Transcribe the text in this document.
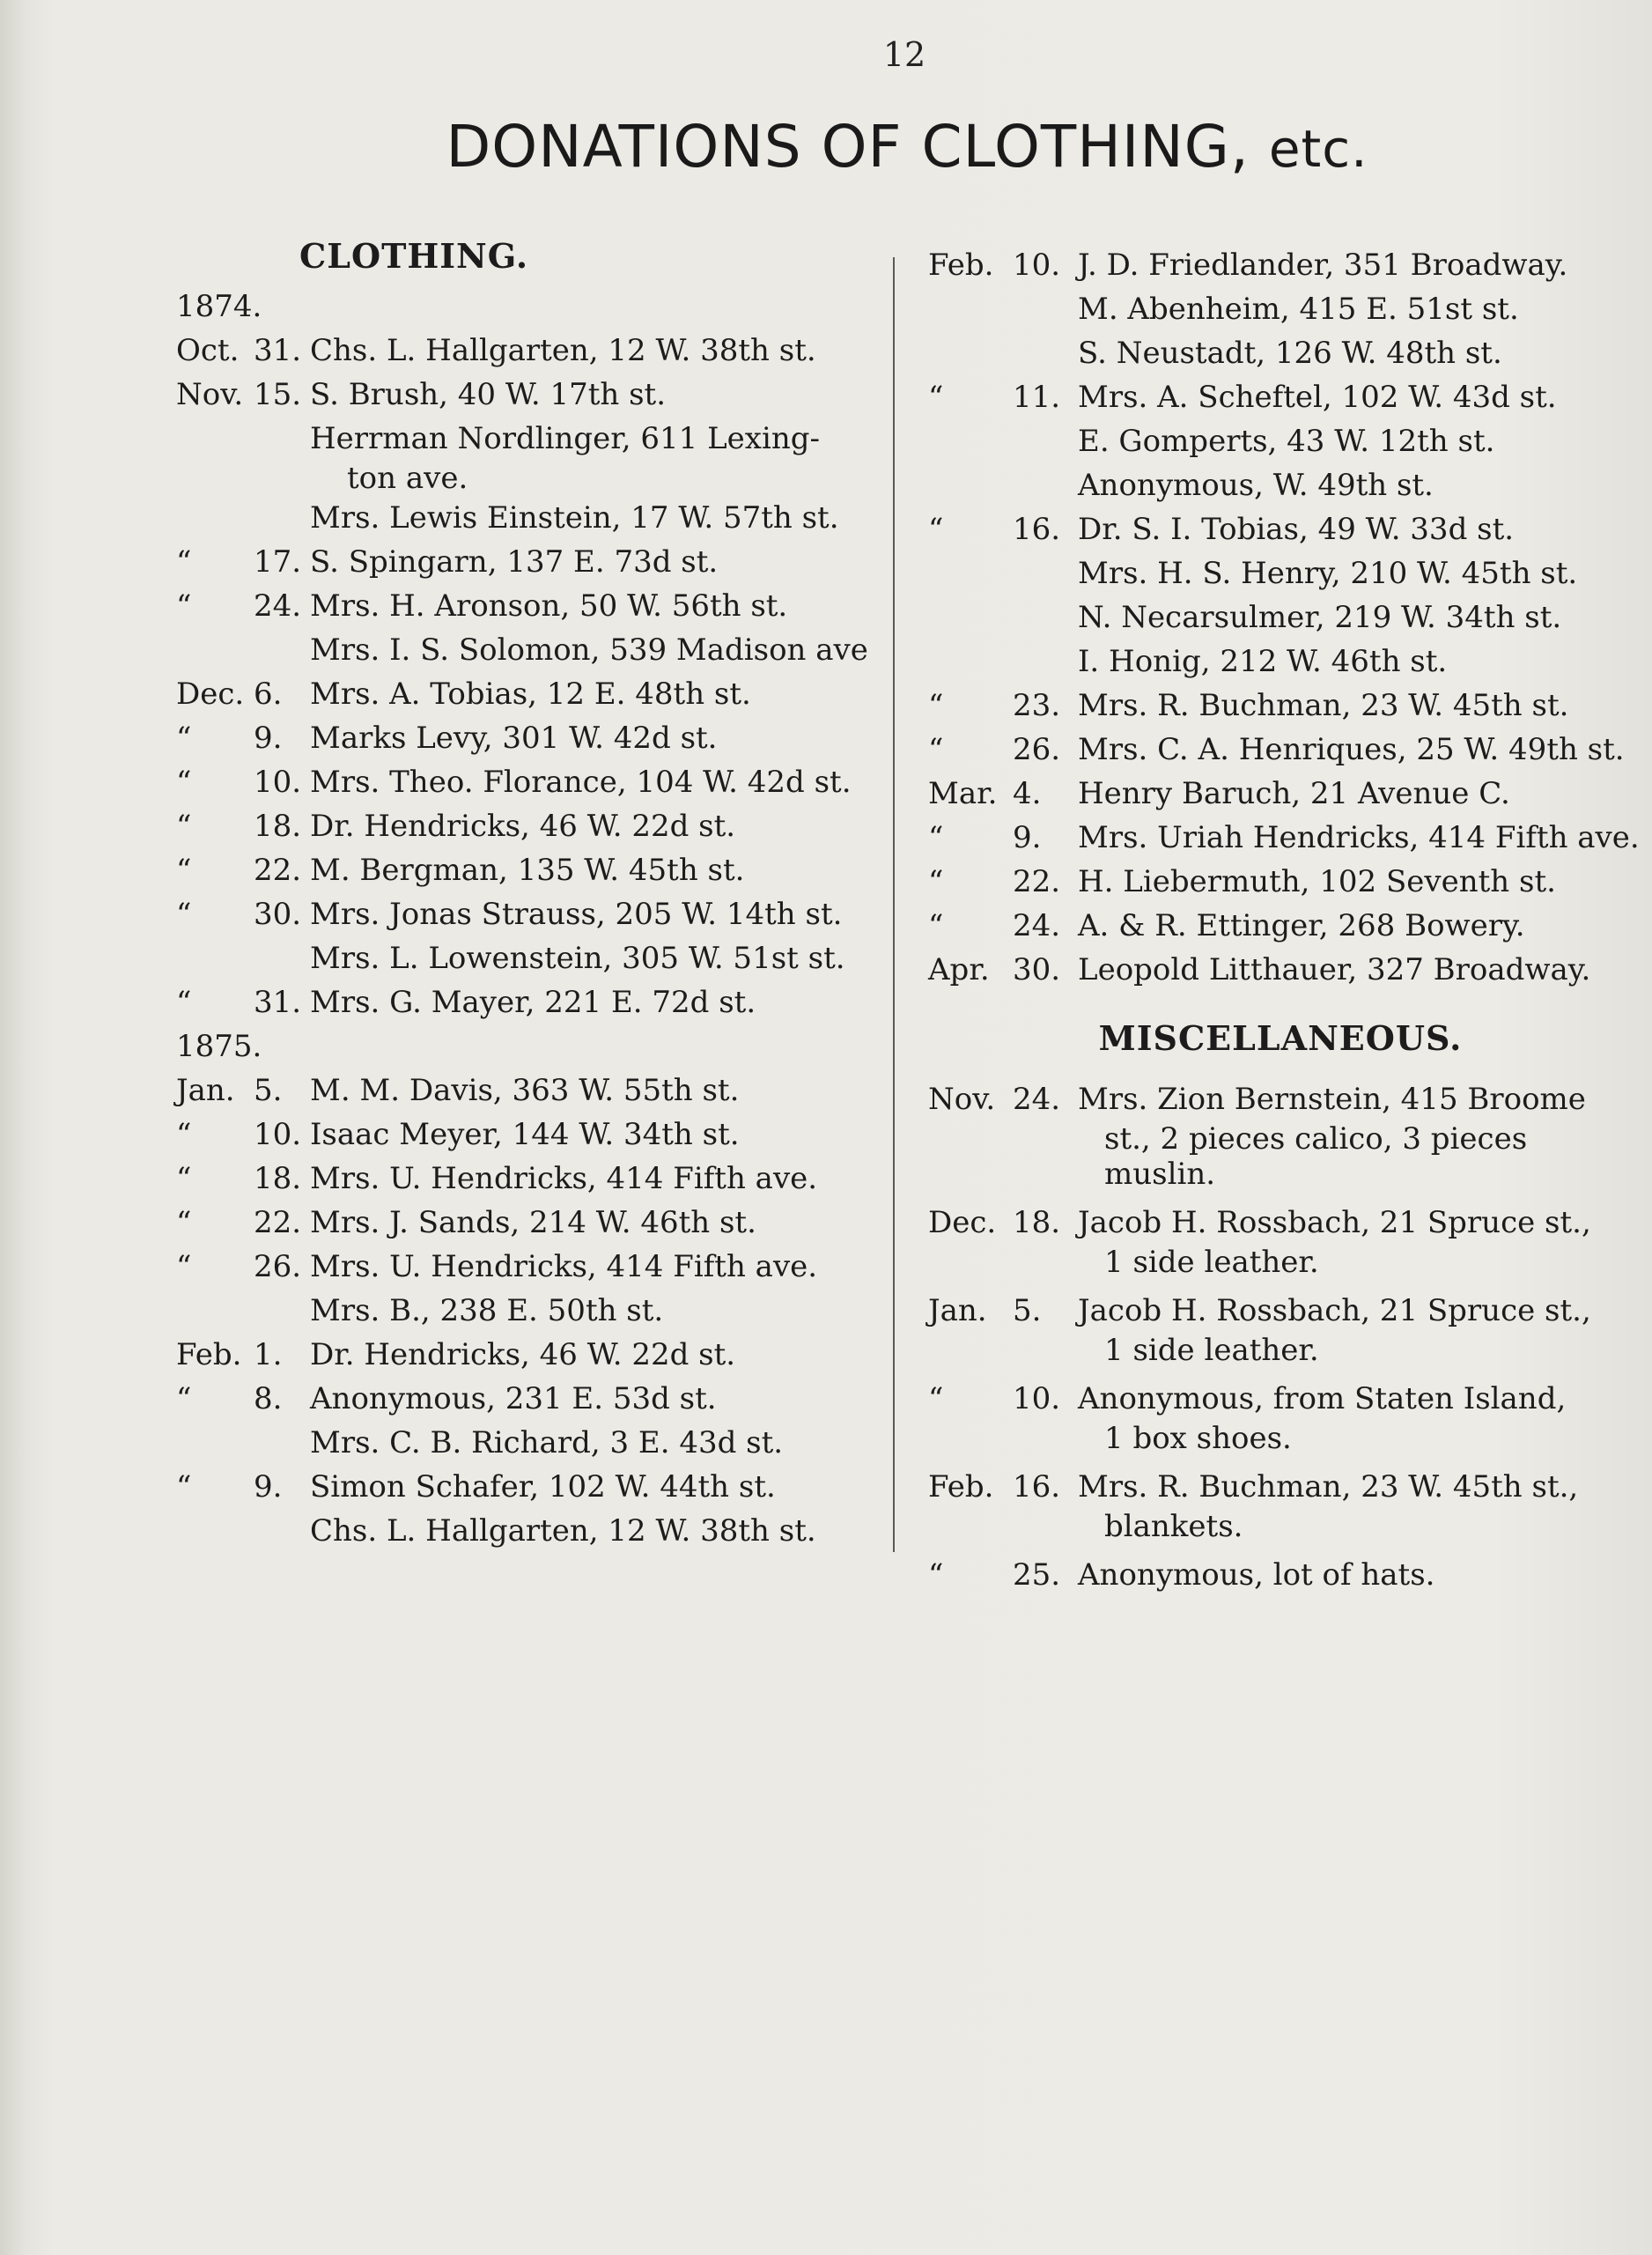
12
DONATIONS OF CLOTHING, etc.
CLOTHING.
1874.
Oct. 31. Chs. L. Hallgarten, 12 W. 38th st.
Nov. 15. S. Brush, 40 W. 17th st.
Herrman Nordlinger, 611 Lexing-
ton ave.
Mrs. Lewis Einstein, 17 W. 57th st.
“ 17. S. Spingarn, 137 E. 73d st.
“ 24. Mrs. H. Aronson, 50 W. 56th st.
Mrs. I. S. Solomon, 539 Madison ave
Dec. 6. Mrs. A. Tobias, 12 E. 48th st.
“ 9. Marks Levy, 301 W. 42d st.
“ 10. Mrs. Theo. Florance, 104 W. 42d st.
“ 18. Dr. Hendricks, 46 W. 22d st.
“ 22. M. Bergman, 135 W. 45th st.
“ 30. Mrs. Jonas Strauss, 205 W. 14th st.
Mrs. L. Lowenstein, 305 W. 51st st.
“ 31. Mrs. G. Mayer, 221 E. 72d st.
1875.
Jan. 5. M. M. Davis, 363 W. 55th st.
“ 10. Isaac Meyer, 144 W. 34th st.
“ 18. Mrs. U. Hendricks, 414 Fifth ave.
“ 22. Mrs. J. Sands, 214 W. 46th st.
“ 26. Mrs. U. Hendricks, 414 Fifth ave.
Mrs. B., 238 E. 50th st.
Feb. 1. Dr. Hendricks, 46 W. 22d st.
“ 8. Anonymous, 231 E. 53d st.
Mrs. C. B. Richard, 3 E. 43d st.
“ 9. Simon Schafer, 102 W. 44th st.
Chs. L. Hallgarten, 12 W. 38th st.
Feb. 10. J. D. Friedlander, 351 Broadway.
M. Abenheim, 415 E. 51st st.
S. Neustadt, 126 W. 48th st.
“ 11. Mrs. A. Scheftel, 102 W. 43d st.
E. Gomperts, 43 W. 12th st.
Anonymous, W. 49th st.
“ 16. Dr. S. I. Tobias, 49 W. 33d st.
Mrs. H. S. Henry, 210 W. 45th st.
N. Necarsulmer, 219 W. 34th st.
I. Honig, 212 W. 46th st.
“ 23. Mrs. R. Buchman, 23 W. 45th st.
“ 26. Mrs. C. A. Henriques, 25 W. 49th st.
Mar. 4.	Henry Baruch, 21 Avenue C.
“ 9.	Mrs. Uriah Hendricks, 414 Fifth ave.
“ 22. H. Liebermuth, 102 Seventh st.
“ 24. A. & R. Ettinger, 268 Bowery.
Apr. 30. Leopold Litthauer, 327 Broadway.
MISCELLANEOUS.
Nov. 24. Mrs. Zion Bernstein, 415 Broome
st., 2 pieces calico, 3 pieces
muslin.
Dec. 18. Jacob H. Rossbach, 21 Spruce st.,
1 side leather.
Jan. 5.	Jacob H. Rossbach, 21 Spruce st.,
1 side leather.
“ 10. Anonymous, from Staten Island,
1 box shoes.
Feb. 16. Mrs. R. Buchman, 23 W. 45th st.,
blankets.
“ 25. Anonymous, lot of hats.
